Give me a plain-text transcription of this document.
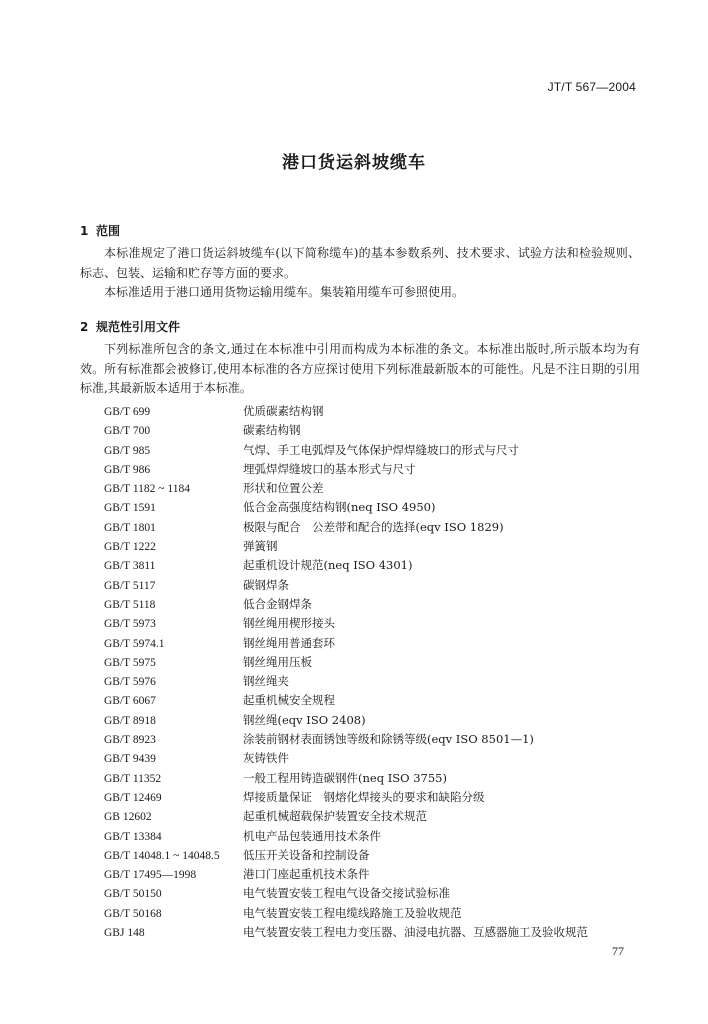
JT/T 567—2004
港口货运斜坡缆车
1 范围

本标准规定了港口货运斜坡缆车(以下简称缆车)的基本参数系列、技术要求、试验方法和检验规则、标志、包装、运输和贮存等方面的要求。

本标准适用于港口通用货物运输用缆车。集装箱用缆车可参照使用。

2 规范性引用文件

下列标准所包含的条文,通过在本标准中引用而构成为本标准的条文。本标准出版时,所示版本均为有效。所有标准都会被修订,使用本标准的各方应探讨使用下列标准最新版本的可能性。凡是不注日期的引用标准,其最新版本适用于本标准。

GB/T 699	优质碳素结构钢
GB/T 700	碳素结构钢
GB/T 985	气焊、手工电弧焊及气体保护焊焊缝坡口的形式与尺寸
GB/T 986	埋弧焊焊缝坡口的基本形式与尺寸
GB/T 1182 ~ 1184	形状和位置公差
GB/T 1591	低合金高强度结构钢(neq ISO 4950)
GB/T 1801	极限与配合　公差带和配合的选择(eqv ISO 1829)
GB/T 1222	弹簧钢
GB/T 3811	起重机设计规范(neq ISO 4301)
GB/T 5117	碳钢焊条
GB/T 5118	低合金钢焊条
GB/T 5973	钢丝绳用楔形接头
GB/T 5974.1	钢丝绳用普通套环
GB/T 5975	钢丝绳用压板
GB/T 5976	钢丝绳夹
GB/T 6067	起重机械安全规程
GB/T 8918	钢丝绳(eqv ISO 2408)
GB/T 8923	涂装前钢材表面锈蚀等级和除锈等级(eqv ISO 8501—1)
GB/T 9439	灰铸铁件
GB/T 11352	一般工程用铸造碳钢件(neq ISO 3755)
GB/T 12469	焊接质量保证　钢熔化焊接头的要求和缺陷分级
GB 12602	起重机械超载保护装置安全技术规范
GB/T 13384	机电产品包装通用技术条件
GB/T 14048.1 ~ 14048.5 低压开关设备和控制设备
GB/T 17495—1998	港口门座起重机技术条件
GB/T 50150	电气装置安装工程电气设备交接试验标准
GB/T 50168	电气装置安装工程电缆线路施工及验收规范
GBJ 148	电气装置安装工程电力变压器、油浸电抗器、互感器施工及验收规范
77
